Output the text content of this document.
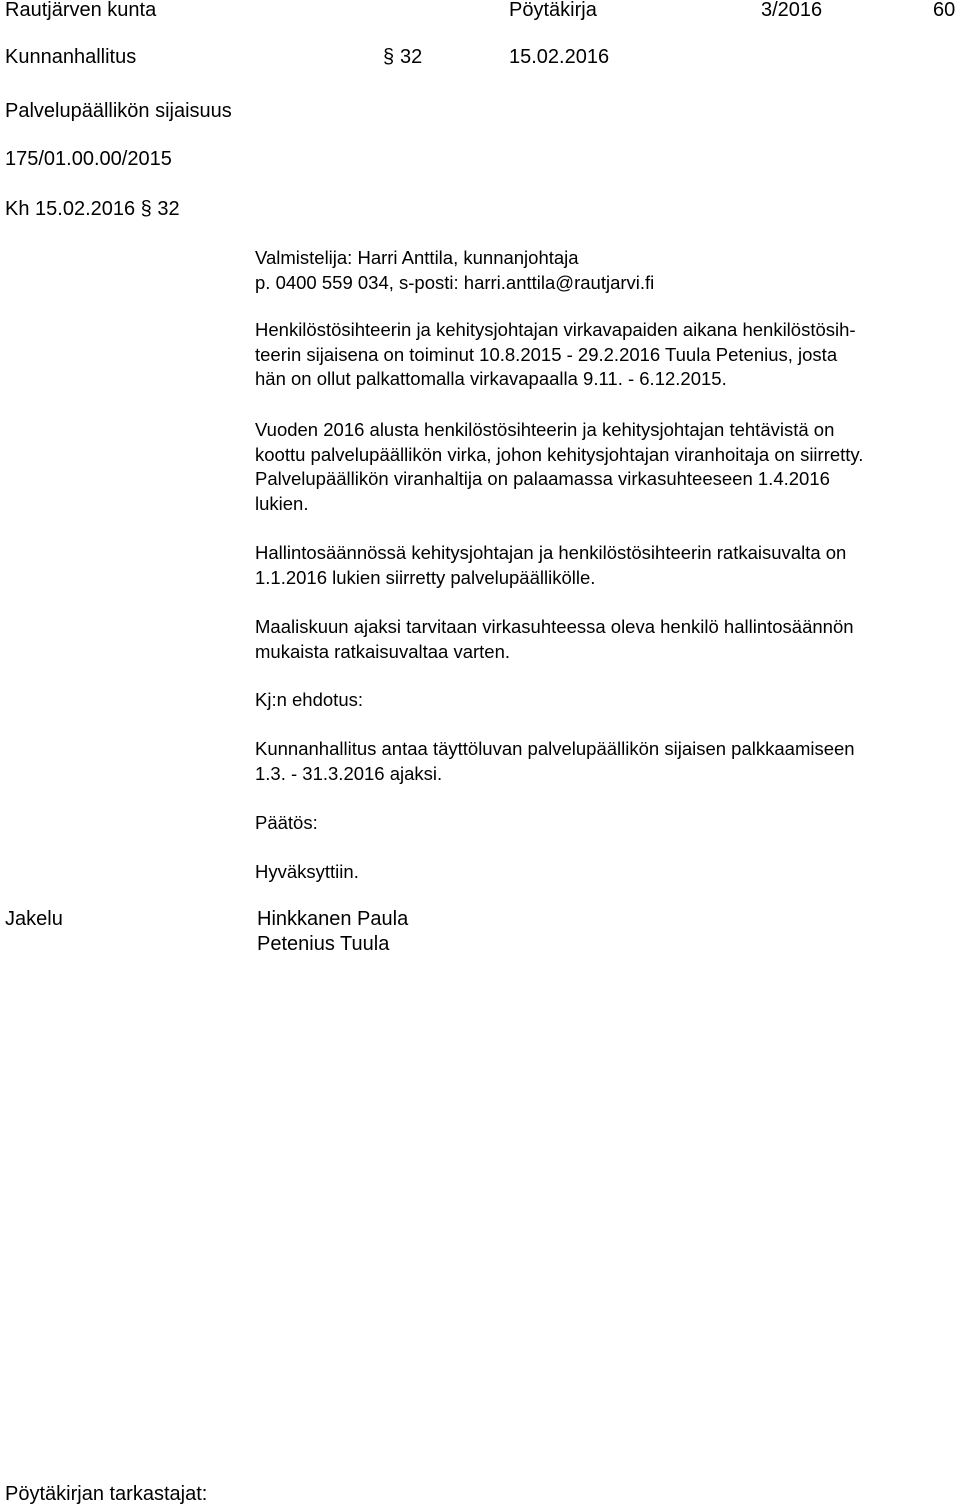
Rautjärven kunta	Pöytäkirja	3/2016	60
Kunnanhallitus	§ 32	15.02.2016
Palvelupäällikön sijaisuus
175/01.00.00/2015
Kh 15.02.2016 § 32
Valmistelija: Harri Anttila, kunnanjohtaja
p. 0400 559 034, s-posti: harri.anttila@rautjarvi.fi
Henkilöstösihteerin ja kehitysjohtajan virkavapaiden aikana henkilöstösih-
teerin sijaisena on toiminut 10.8.2015 - 29.2.2016 Tuula Petenius, josta
hän on ollut palkattomalla virkavapaalla 9.11. - 6.12.2015.
Vuoden 2016 alusta henkilöstösihteerin ja kehitysjohtajan tehtävistä on
koottu palvelupäällikön virka, johon kehitysjohtajan viranhoitaja on siirretty.
Palvelupäällikön viranhaltija on palaamassa virkasuhteeseen 1.4.2016
lukien.
Hallintosäännössä kehitysjohtajan ja henkilöstösihteerin ratkaisuvalta on
1.1.2016 lukien siirretty palvelupäällikölle.
Maaliskuun ajaksi tarvitaan virkasuhteessa oleva henkilö hallintosäännön
mukaista ratkaisuvaltaa varten.
Kj:n ehdotus:
Kunnanhallitus antaa täyttöluvan palvelupäällikön sijaisen palkkaamiseen
1.3. - 31.3.2016 ajaksi.
Päätös:
Hyväksyttiin.
Jakelu	Hinkkanen Paula
Petenius Tuula
Pöytäkirjan tarkastajat:
